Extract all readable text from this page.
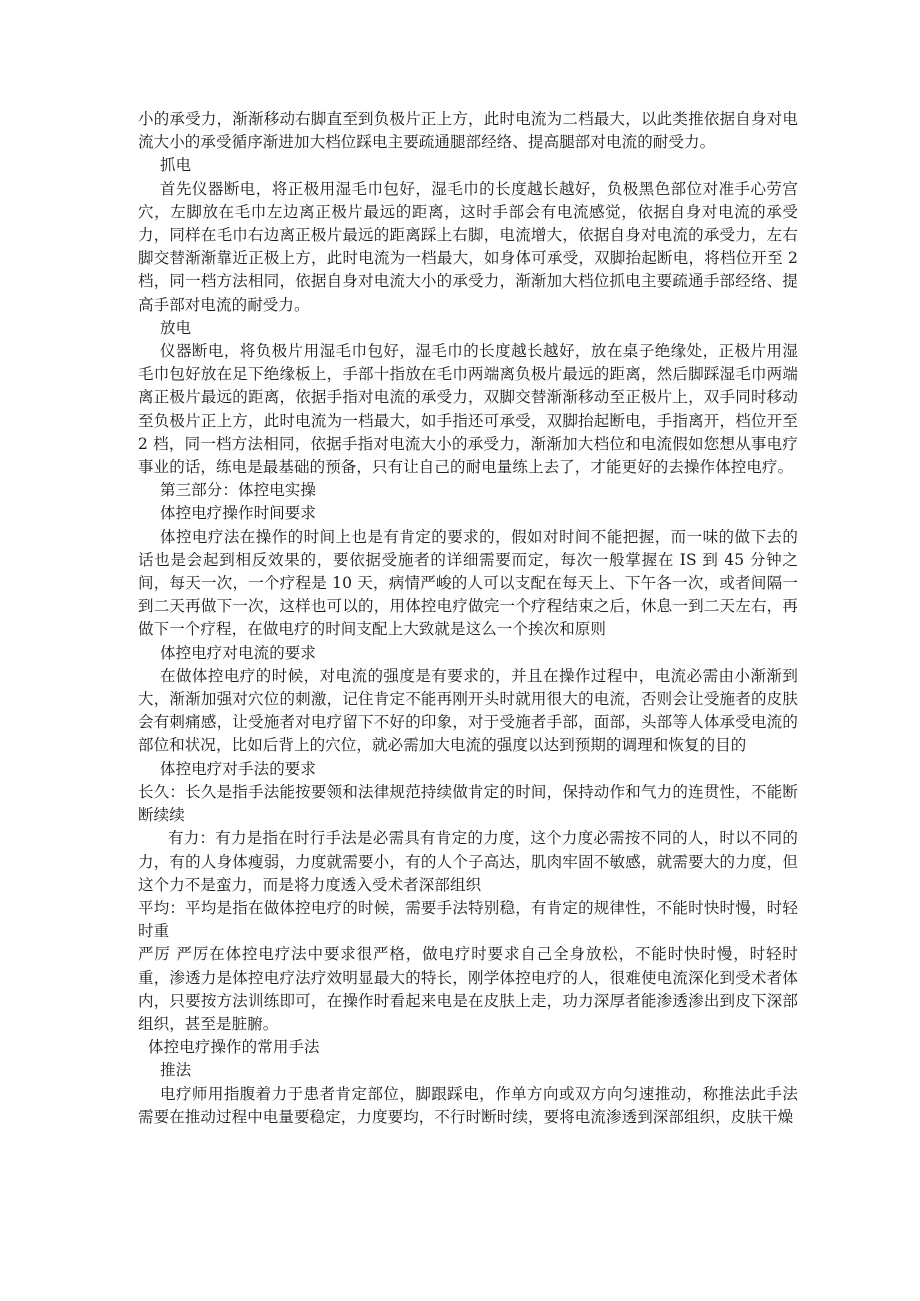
小的承受力，渐渐移动右脚直至到负极片正上方，此时电流为二档最大，以此类推依据自身对电流大小的承受循序渐进加大档位踩电主要疏通腿部经络、提高腿部对电流的耐受力。

抓电

首先仪器断电，将正极用湿毛巾包好，湿毛巾的长度越长越好，负极黑色部位对准手心劳宫穴，左脚放在毛巾左边离正极片最远的距离，这时手部会有电流感觉，依据自身对电流的承受力，同样在毛巾右边离正极片最远的距离踩上右脚，电流增大，依据自身对电流的承受力，左右脚交替渐渐靠近正极上方，此时电流为一档最大，如身体可承受，双脚抬起断电，将档位开至 2 档，同一档方法相同，依据自身对电流大小的承受力，渐渐加大档位抓电主要疏通手部经络、提高手部对电流的耐受力。

放电

仪器断电，将负极片用湿毛巾包好，湿毛巾的长度越长越好，放在桌子绝缘处，正极片用湿毛巾包好放在足下绝缘板上，手部十指放在毛巾两端离负极片最远的距离，然后脚踩湿毛巾两端离正极片最远的距离，依据手指对电流的承受力，双脚交替渐渐移动至正极片上，双手同时移动至负极片正上方，此时电流为一档最大，如手指还可承受，双脚抬起断电，手指离开，档位开至2 档，同一档方法相同，依据手指对电流大小的承受力，渐渐加大档位和电流假如您想从事电疗事业的话，练电是最基础的预备，只有让自己的耐电量练上去了，才能更好的去操作体控电疗。

第三部分：体控电实操

体控电疗操作时间要求

体控电疗法在操作的时间上也是有肯定的要求的，假如对时间不能把握，而一味的做下去的话也是会起到相反效果的，要依据受施者的详细需要而定，每次一般掌握在 IS 到 45 分钟之间，每天一次，一个疗程是 10 天，病情严峻的人可以支配在每天上、下午各一次，或者间隔一到二天再做下一次，这样也可以的，用体控电疗做完一个疗程结束之后，休息一到二天左右，再做下一个疗程，在做电疗的时间支配上大致就是这么一个挨次和原则

体控电疗对电流的要求

在做体控电疗的时候，对电流的强度是有要求的，并且在操作过程中，电流必需由小渐渐到大，渐渐加强对穴位的刺激，记住肯定不能再刚开头时就用很大的电流，否则会让受施者的皮肤会有刺痛感，让受施者对电疗留下不好的印象，对于受施者手部，面部，头部等人体承受电流的部位和状况，比如后背上的穴位，就必需加大电流的强度以达到预期的调理和恢复的目的

体控电疗对手法的要求

长久：长久是指手法能按要领和法律规范持续做肯定的时间，保持动作和气力的连贯性，不能断断续续

有力：有力是指在时行手法是必需具有肯定的力度，这个力度必需按不同的人，时以不同的力，有的人身体瘦弱，力度就需要小，有的人个子高达，肌肉牢固不敏感，就需要大的力度，但这个力不是蛮力，而是将力度透入受术者深部组织

平均：平均是指在做体控电疗的时候，需要手法特别稳，有肯定的规律性，不能时快时慢，时轻时重

严厉 严厉在体控电疗法中要求很严格，做电疗时要求自己全身放松，不能时快时慢，时轻时重，渗透力是体控电疗法疗效明显最大的特长，刚学体控电疗的人，很难使电流深化到受术者体内，只要按方法训练即可，在操作时看起来电是在皮肤上走，功力深厚者能渗透渗出到皮下深部组织，甚至是脏腑。

体控电疗操作的常用手法

推法

电疗师用指腹着力于患者肯定部位，脚跟踩电，作单方向或双方向匀速推动，称推法此手法需要在推动过程中电量要稳定，力度要均，不行时断时续，要将电流渗透到深部组织，皮肤干燥
